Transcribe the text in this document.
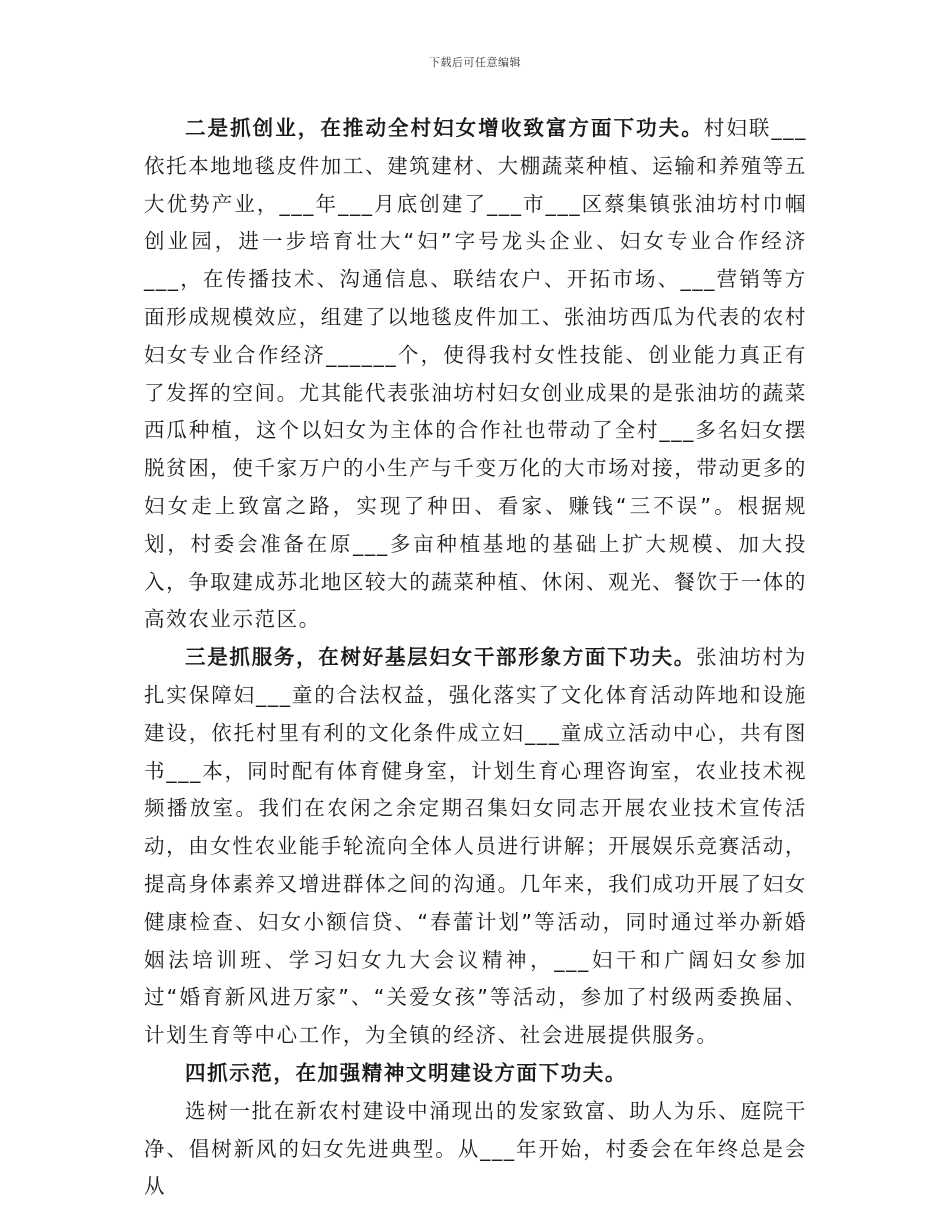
下载后可任意编辑

二是抓创业，在推动全村妇女增收致富方面下功夫。村妇联___依托本地地毯皮件加工、建筑建材、大棚蔬菜种植、运输和养殖等五大优势产业，___年___月底创建了___市___区蔡集镇张油坊村巾帼创业园，进一步培育壮大“妇”字号龙头企业、妇女专业合作经济___，在传播技术、沟通信息、联结农户、开拓市场、___营销等方面形成规模效应，组建了以地毯皮件加工、张油坊西瓜为代表的农村妇女专业合作经济______个，使得我村女性技能、创业能力真正有了发挥的空间。尤其能代表张油坊村妇女创业成果的是张油坊的蔬菜西瓜种植，这个以妇女为主体的合作社也带动了全村___多名妇女摆脱贫困，使千家万户的小生产与千变万化的大市场对接，带动更多的妇女走上致富之路，实现了种田、看家、赚钱“三不误”。根据规划，村委会准备在原___多亩种植基地的基础上扩大规模、加大投入，争取建成苏北地区较大的蔬菜种植、休闲、观光、餐饮于一体的高效农业示范区。

三是抓服务，在树好基层妇女干部形象方面下功夫。张油坊村为扎实保障妇___童的合法权益，强化落实了文化体育活动阵地和设施建设，依托村里有利的文化条件成立妇___童成立活动中心，共有图书___本，同时配有体育健身室，计划生育心理咨询室，农业技术视频播放室。我们在农闲之余定期召集妇女同志开展农业技术宣传活动，由女性农业能手轮流向全体人员进行讲解；开展娱乐竞赛活动，提高身体素养又增进群体之间的沟通。几年来，我们成功开展了妇女健康检查、妇女小额信贷、“春蕾计划”等活动，同时通过举办新婚姻法培训班、学习妇女九大会议精神，___妇干和广阔妇女参加过“婚育新风进万家”、“关爱女孩”等活动，参加了村级两委换届、计划生育等中心工作，为全镇的经济、社会进展提供服务。

四抓示范，在加强精神文明建设方面下功夫。

选树一批在新农村建设中涌现出的发家致富、助人为乐、庭院干净、倡树新风的妇女先进典型。从___年开始，村委会在年终总是会从
